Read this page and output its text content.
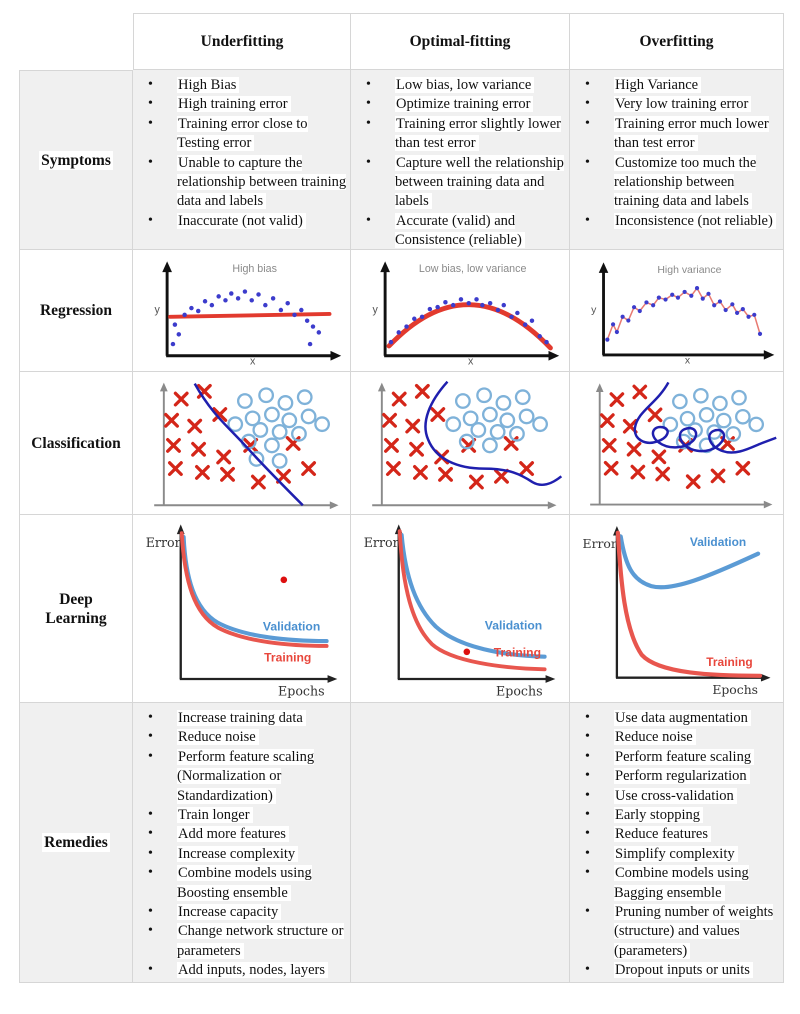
Underfitting	Optimal-fitting	Overfitting
Symptoms
• High Bias
• High training error
• Training error close to Testing error
• Unable to capture the relationship between training data and labels
• Inaccurate (not valid)
• Low bias, low variance
• Optimize training error
• Training error slightly lower than test error
• Capture well the relationship between training data and labels
• Accurate (valid) and Consistence (reliable)
• High Variance
• Very low training error
• Training error much lower than test error
• Customize too much the relationship between training data and labels
• Inconsistence (not reliable)
Regression
High bias
y
x
Low bias, low variance
y
x
High variance
y
x
Classification
Deep Learning
Error
Epochs
Validation
Training
Error
Epochs
Validation
Training
Error
Epochs
Validation
Training
Remedies
• Increase training data
• Reduce noise
• Perform feature scaling (Normalization or Standardization)
• Train longer
• Add more features
• Increase complexity
• Combine models using Boosting ensemble
• Increase capacity
• Change network structure or parameters
• Add inputs, nodes, layers
• Use data augmentation
• Reduce noise
• Perform feature scaling
• Perform regularization
• Use cross-validation
• Early stopping
• Reduce features
• Simplify complexity
• Combine models using Bagging ensemble
• Pruning number of weights (structure) and values (parameters)
• Dropout inputs or units
